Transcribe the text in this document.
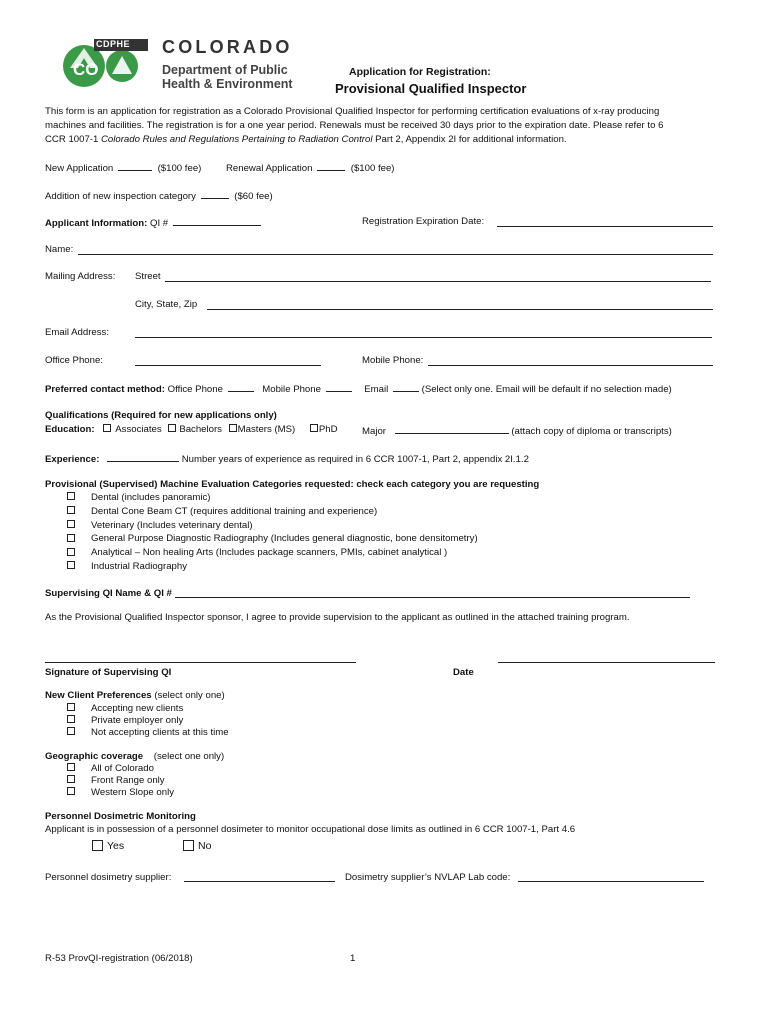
CDPHE
CO
COLORADO
Department of Public
Health & Environment
Application for Registration:
Provisional Qualified Inspector
This form is an application for registration as a Colorado Provisional Qualified Inspector for performing certification evaluations of x-ray producing
machines and facilities. The registration is for a one year period. Renewals must be received 30 days prior to the expiration date. Please refer to 6
CCR 1007-1 Colorado Rules and Regulations Pertaining to Radiation Control Part 2, Appendix 2I for additional information.
New Application	($100 fee)	Renewal Application	($100 fee)
Addition of new inspection category	($60 fee)
Applicant Information: QI #	Registration Expiration Date:
Name:
Mailing Address: Street
City, State, Zip
Email Address:
Office Phone:	Mobile Phone:
Preferred contact method: Office Phone	Mobile Phone	Email	(Select only one. Email will be default if no selection made)
Qualifications (Required for new applications only)
Education: Associates Bachelors Masters (MS) PhD	Major	(attach copy of diploma or transcripts)
Experience:	Number years of experience as required in 6 CCR 1007-1, Part 2, appendix 2I.1.2
Provisional (Supervised) Machine Evaluation Categories requested: check each category you are requesting
Dental (includes panoramic)
Dental Cone Beam CT (requires additional training and experience)
Veterinary (Includes veterinary dental)
General Purpose Diagnostic Radiography (Includes general diagnostic, bone densitometry)
Analytical – Non healing Arts (Includes package scanners, PMIs, cabinet analytical )
Industrial Radiography
Supervising QI Name & QI #
As the Provisional Qualified Inspector sponsor, I agree to provide supervision to the applicant as outlined in the attached training program.
Signature of Supervising QI	Date
New Client Preferences (select only one)
Accepting new clients
Private employer only
Not accepting clients at this time
Geographic coverage    (select one only)
All of Colorado
Front Range only
Western Slope only
Personnel Dosimetric Monitoring
Applicant is in possession of a personnel dosimeter to monitor occupational dose limits as outlined in 6 CCR 1007-1, Part 4.6
Yes	No
Personnel dosimetry supplier:	Dosimetry supplier’s NVLAP Lab code:
R-53 ProvQI-registration (06/2018)	1
